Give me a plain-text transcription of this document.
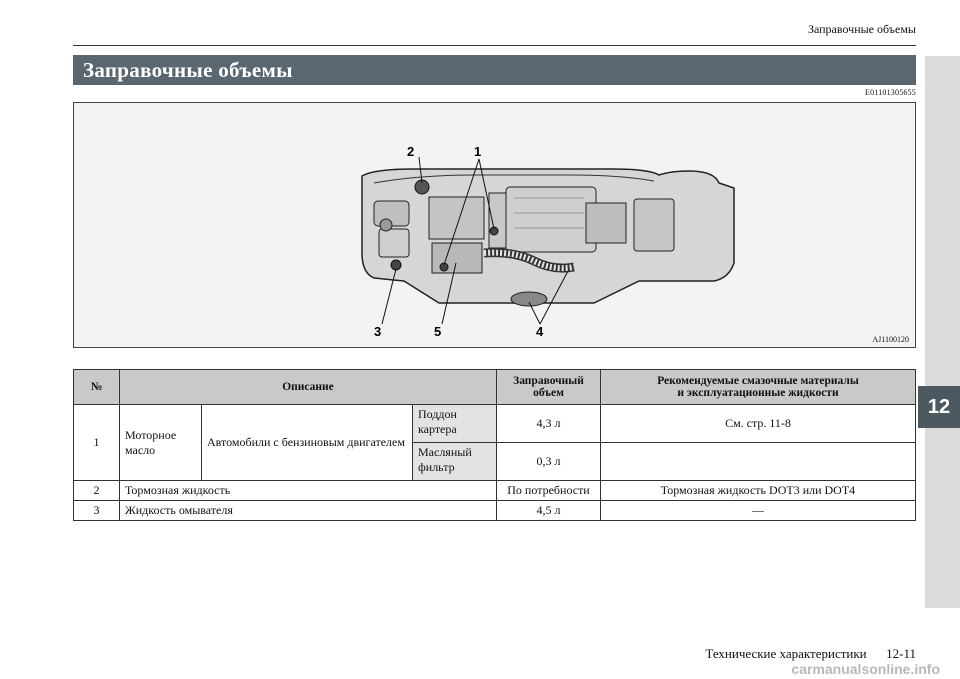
Заправочные объемы
Заправочные объемы
E01101305655
1
2
3	4
5
AJ1100120
№	Описание			Заправочный объем	Рекомендуемые смазочные материалы
и эксплуатационные жидкости
1	Моторное масло	Автомобили с бензиновым двигателем	Поддон картера	4,3 л	См. стр. 11-8
			Масляный фильтр	0,3 л	
2	Тормозная жидкость			По потребности	Тормозная жидкость DOT3 или DOT4
3	Жидкость омывателя			4,5 л	—
Технические характеристики 12-11
12
carmanualsonline.info
